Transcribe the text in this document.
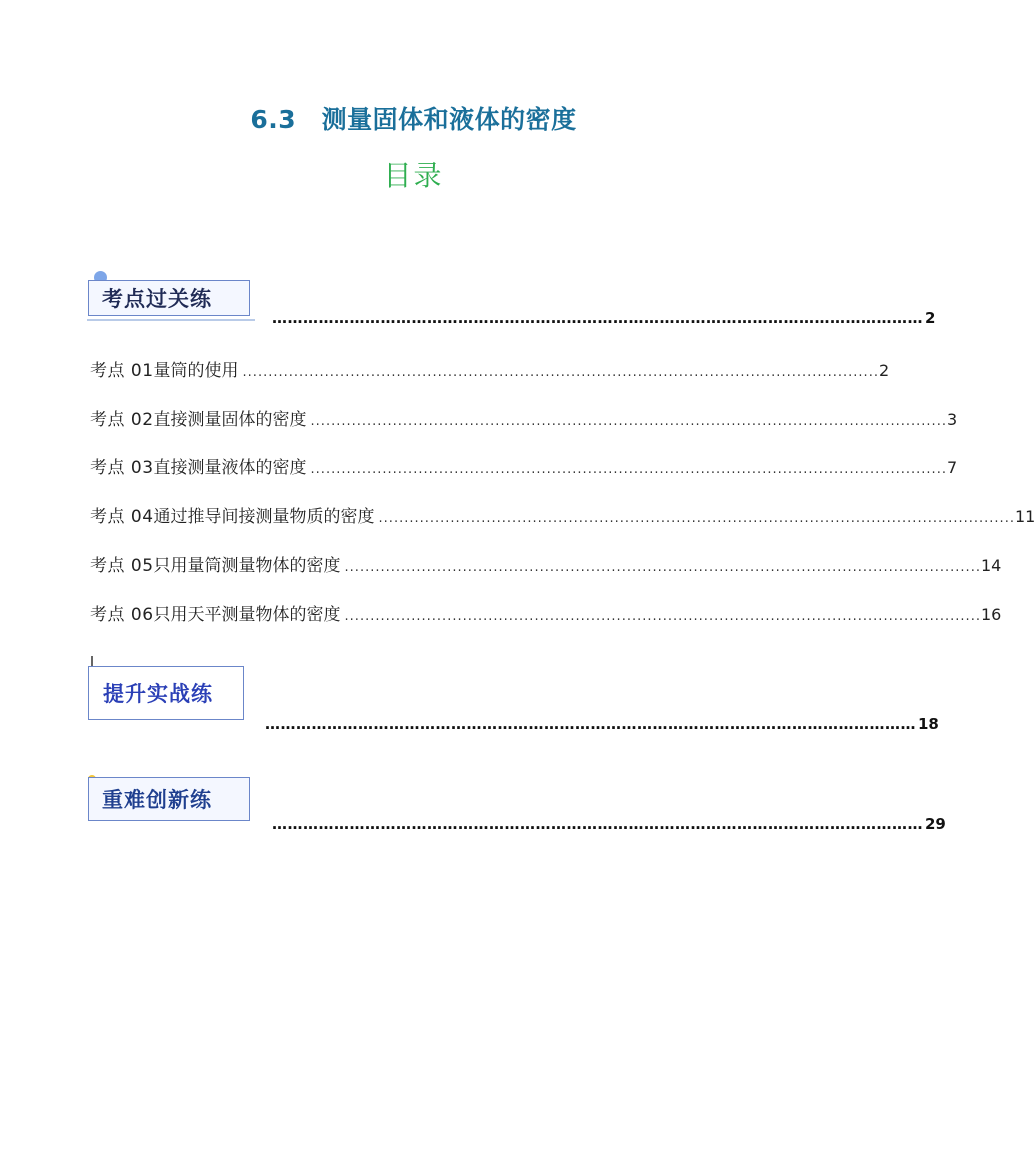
6.3　测量固体和液体的密度
目录
考点过关练
……………………………………………………………………………………………………………… 2
考点 01 量筒的使用 ............................................................................................................................ 2
考点 02 直接测量固体的密度 ............................................................................................................................ 3
考点 03 直接测量液体的密度 ............................................................................................................................ 7
考点 04 通过推导间接测量物质的密度 ............................................................................................................................ 11
考点 05 只用量筒测量物体的密度 ............................................................................................................................ 14
考点 06 只用天平测量物体的密度 ............................................................................................................................ 16
提升实战练
……………………………………………………………………………………………………………… 18
重难创新练
……………………………………………………………………………………………………………… 29
